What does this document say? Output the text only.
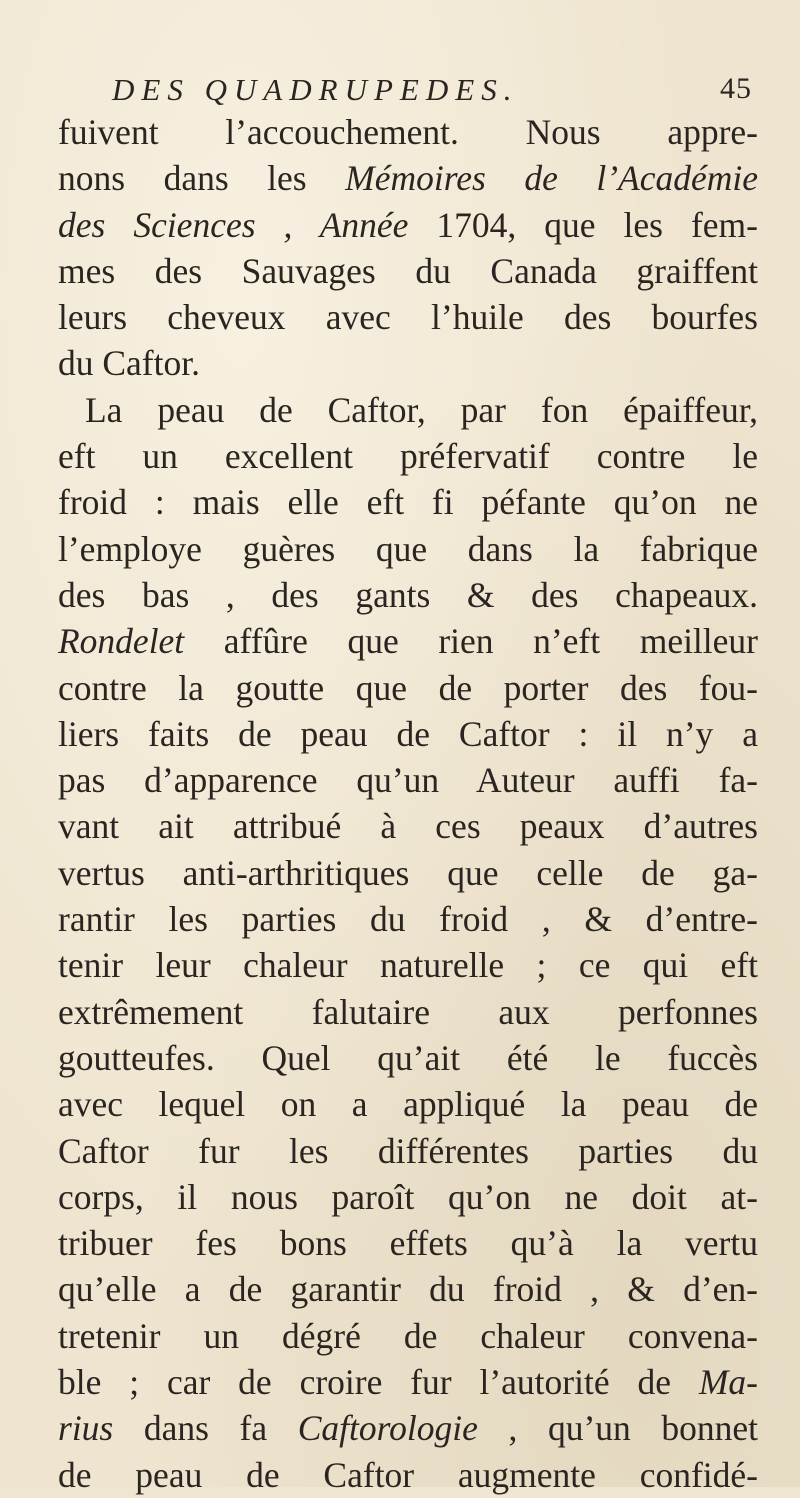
DES QUADRUPEDES.	45
fuivent l’accouchement. Nous appre-
nons dans les Mémoires de l’Académie
des Sciences , Année 1704, que les fem-
mes des Sauvages du Canada graiffent
leurs cheveux avec l’huile des bourfes
du Caftor.
La peau de Caftor, par fon épaiffeur,
eft un excellent préfervatif contre le
froid : mais elle eft fi péfante qu’on ne
l’employe guères que dans la fabrique
des bas , des gants & des chapeaux.
Rondelet affûre que rien n’eft meilleur
contre la goutte que de porter des fou-
liers faits de peau de Caftor : il n’y a
pas d’apparence qu’un Auteur auffi fa-
vant ait attribué à ces peaux d’autres
vertus anti-arthritiques que celle de ga-
rantir les parties du froid , & d’entre-
tenir leur chaleur naturelle ; ce qui eft
extrêmement falutaire aux perfonnes
goutteufes. Quel qu’ait été le fuccès
avec lequel on a appliqué la peau de
Caftor fur les différentes parties du
corps, il nous paroît qu’on ne doit at-
tribuer fes bons effets qu’à la vertu
qu’elle a de garantir du froid , & d’en-
tretenir un dégré de chaleur convena-
ble ; car de croire fur l’autorité de Ma-
rius dans fa Caftorologie , qu’un bonnet
de peau de Caftor augmente confidé-
